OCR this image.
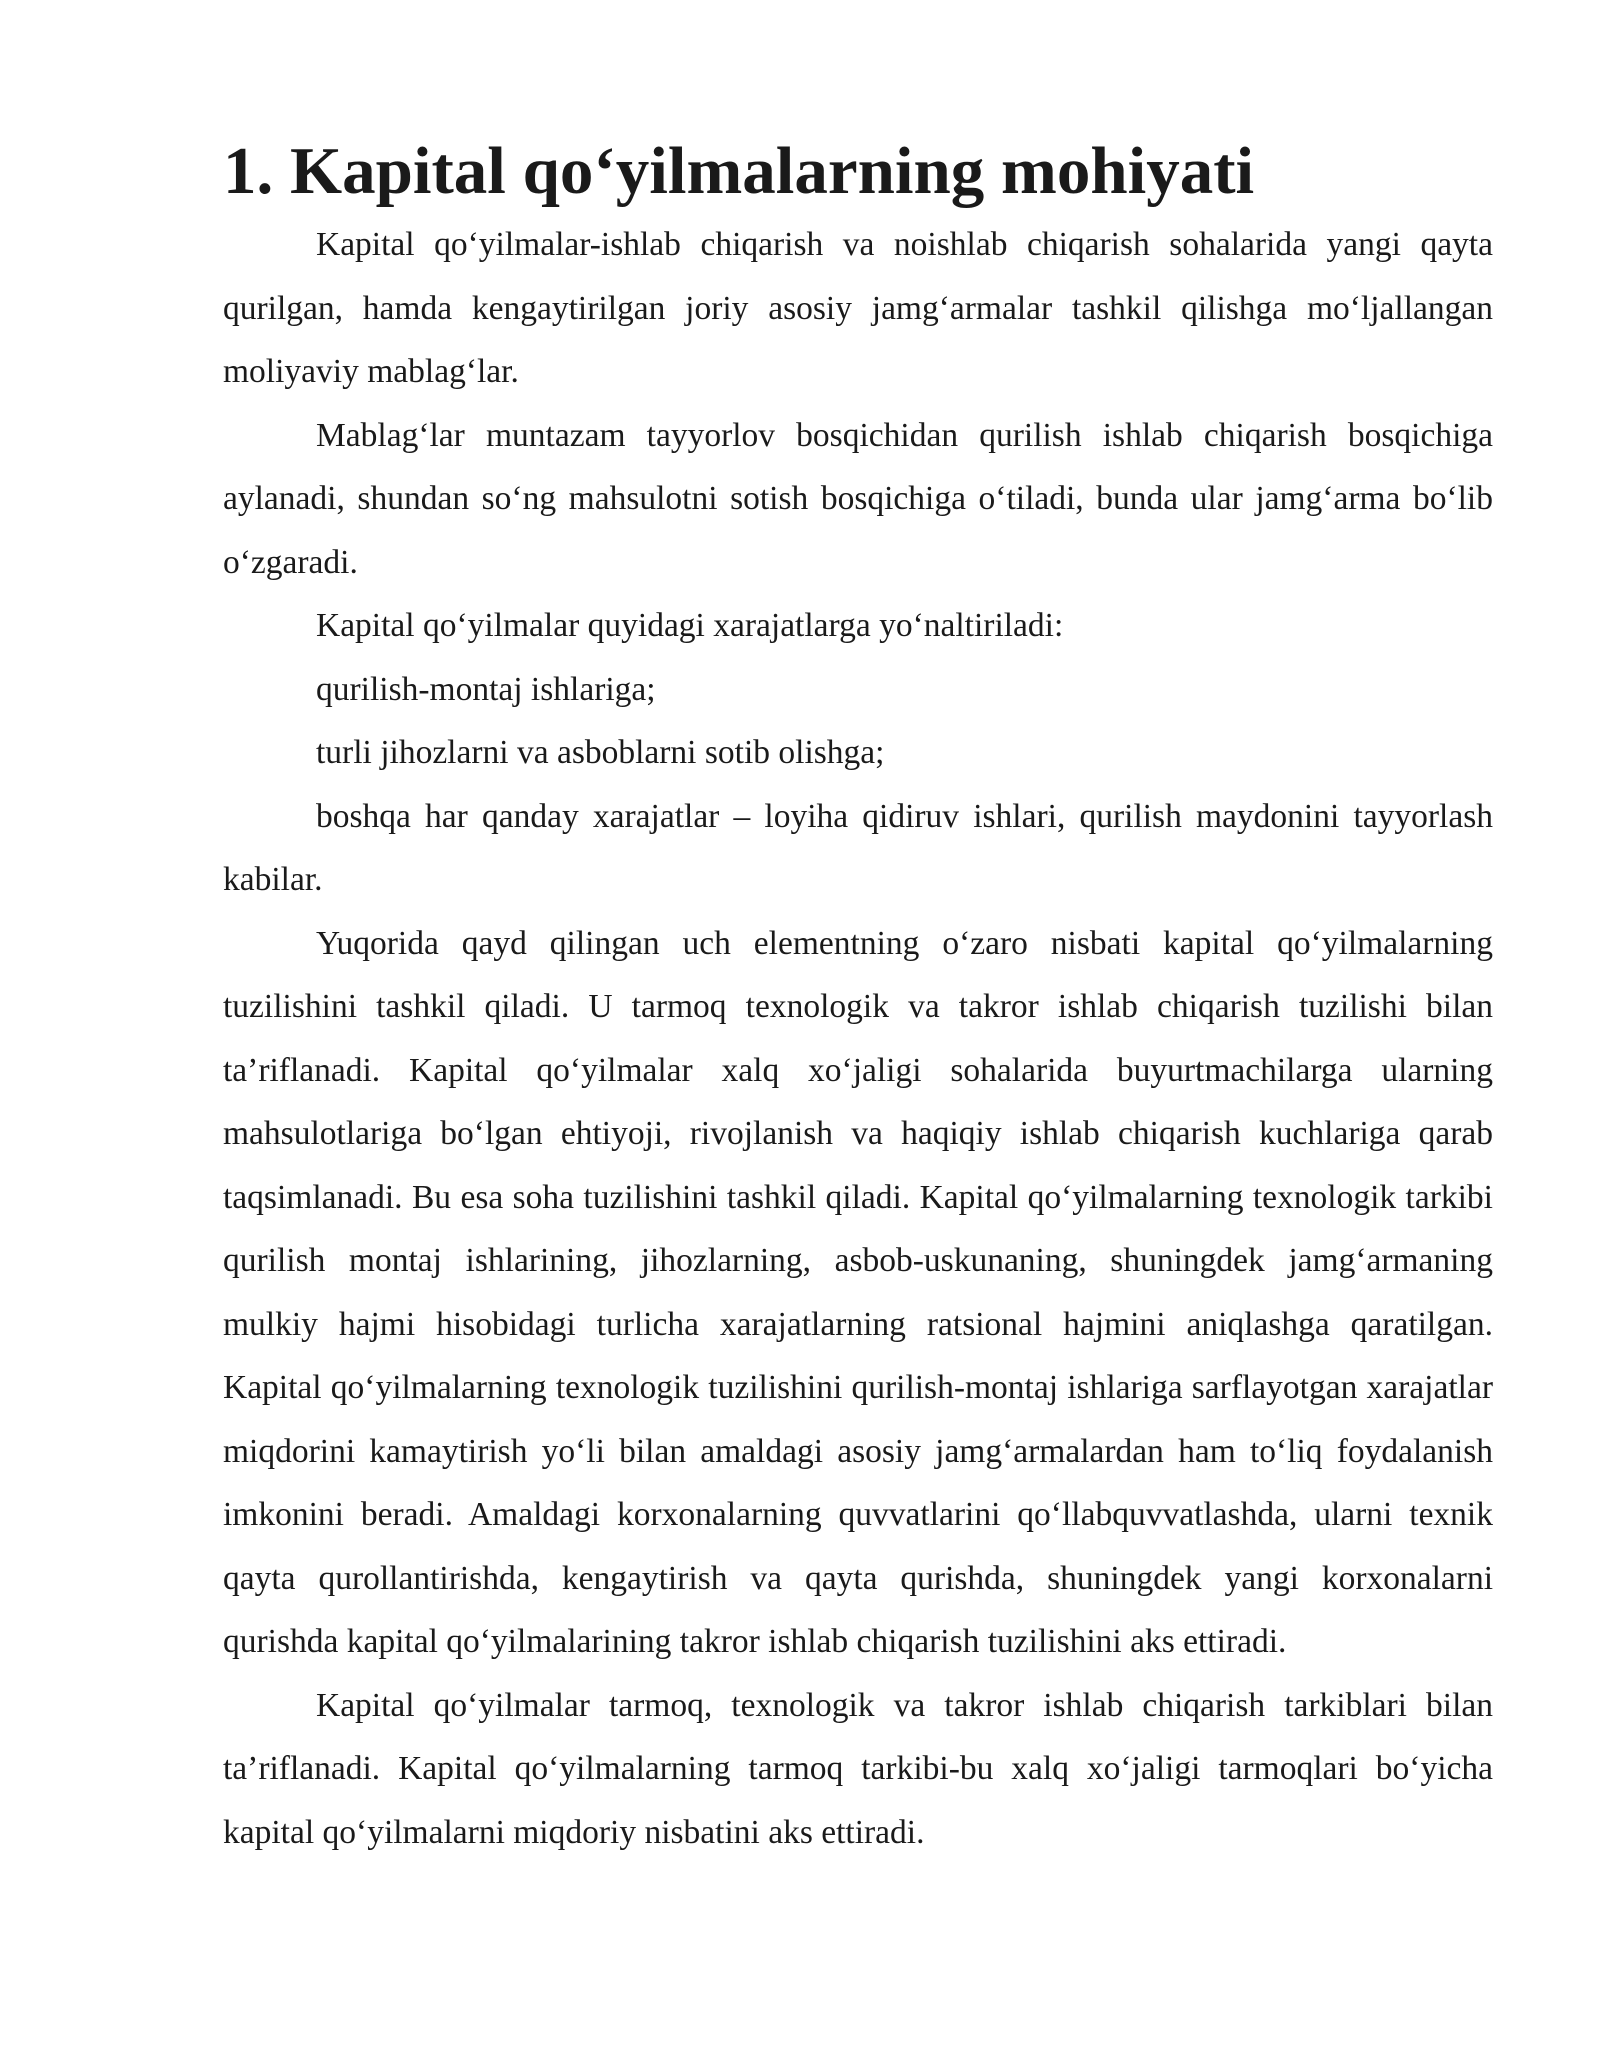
1. Kapital qo‘yilmalarning mohiyati

Kapital qo‘yilmalar-ishlab chiqarish va noishlab chiqarish sohalarida yangi qayta qurilgan, hamda kengaytirilgan joriy asosiy jamg‘armalar tashkil qilishga mo‘ljallangan moliyaviy mablag‘lar.

Mablag‘lar muntazam tayyorlov bosqichidan qurilish ishlab chiqarish bosqichiga aylanadi, shundan so‘ng mahsulotni sotish bosqichiga o‘tiladi, bunda ular jamg‘arma bo‘lib o‘zgaradi.

Kapital qo‘yilmalar quyidagi xarajatlarga yo‘naltiriladi:

qurilish-montaj ishlariga;

turli jihozlarni va asboblarni sotib olishga;

boshqa har qanday xarajatlar – loyiha qidiruv ishlari, qurilish maydonini tayyorlash kabilar.

Yuqorida qayd qilingan uch elementning o‘zaro nisbati kapital qo‘yilmalarning tuzilishini tashkil qiladi. U tarmoq texnologik va takror ishlab chiqarish tuzilishi bilan ta’riflanadi. Kapital qo‘yilmalar xalq xo‘jaligi sohalarida buyurtmachilarga ularning mahsulotlariga bo‘lgan ehtiyoji, rivojlanish va haqiqiy ishlab chiqarish kuchlariga qarab taqsimlanadi. Bu esa soha tuzilishini tashkil qiladi. Kapital qo‘yilmalarning texnologik tarkibi qurilish montaj ishlarining, jihozlarning, asbob-uskunaning, shuningdek jamg‘armaning mulkiy hajmi hisobidagi turlicha xarajatlarning ratsional hajmini aniqlashga qaratilgan. Kapital qo‘yilmalarning texnologik tuzilishini qurilish-montaj ishlariga sarflayotgan xarajatlar miqdorini kamaytirish yo‘li bilan amaldagi asosiy jamg‘armalardan ham to‘liq foydalanish imkonini beradi. Amaldagi korxonalarning quvvatlarini qo‘llabquvvatlashda, ularni texnik qayta qurollantirishda, kengaytirish va qayta qurishda, shuningdek yangi korxonalarni qurishda kapital qo‘yilmalarining takror ishlab chiqarish tuzilishini aks ettiradi.

Kapital qo‘yilmalar tarmoq, texnologik va takror ishlab chiqarish tarkiblari bilan ta’riflanadi. Kapital qo‘yilmalarning tarmoq tarkibi-bu xalq xo‘jaligi tarmoqlari bo‘yicha kapital qo‘yilmalarni miqdoriy nisbatini aks ettiradi.
